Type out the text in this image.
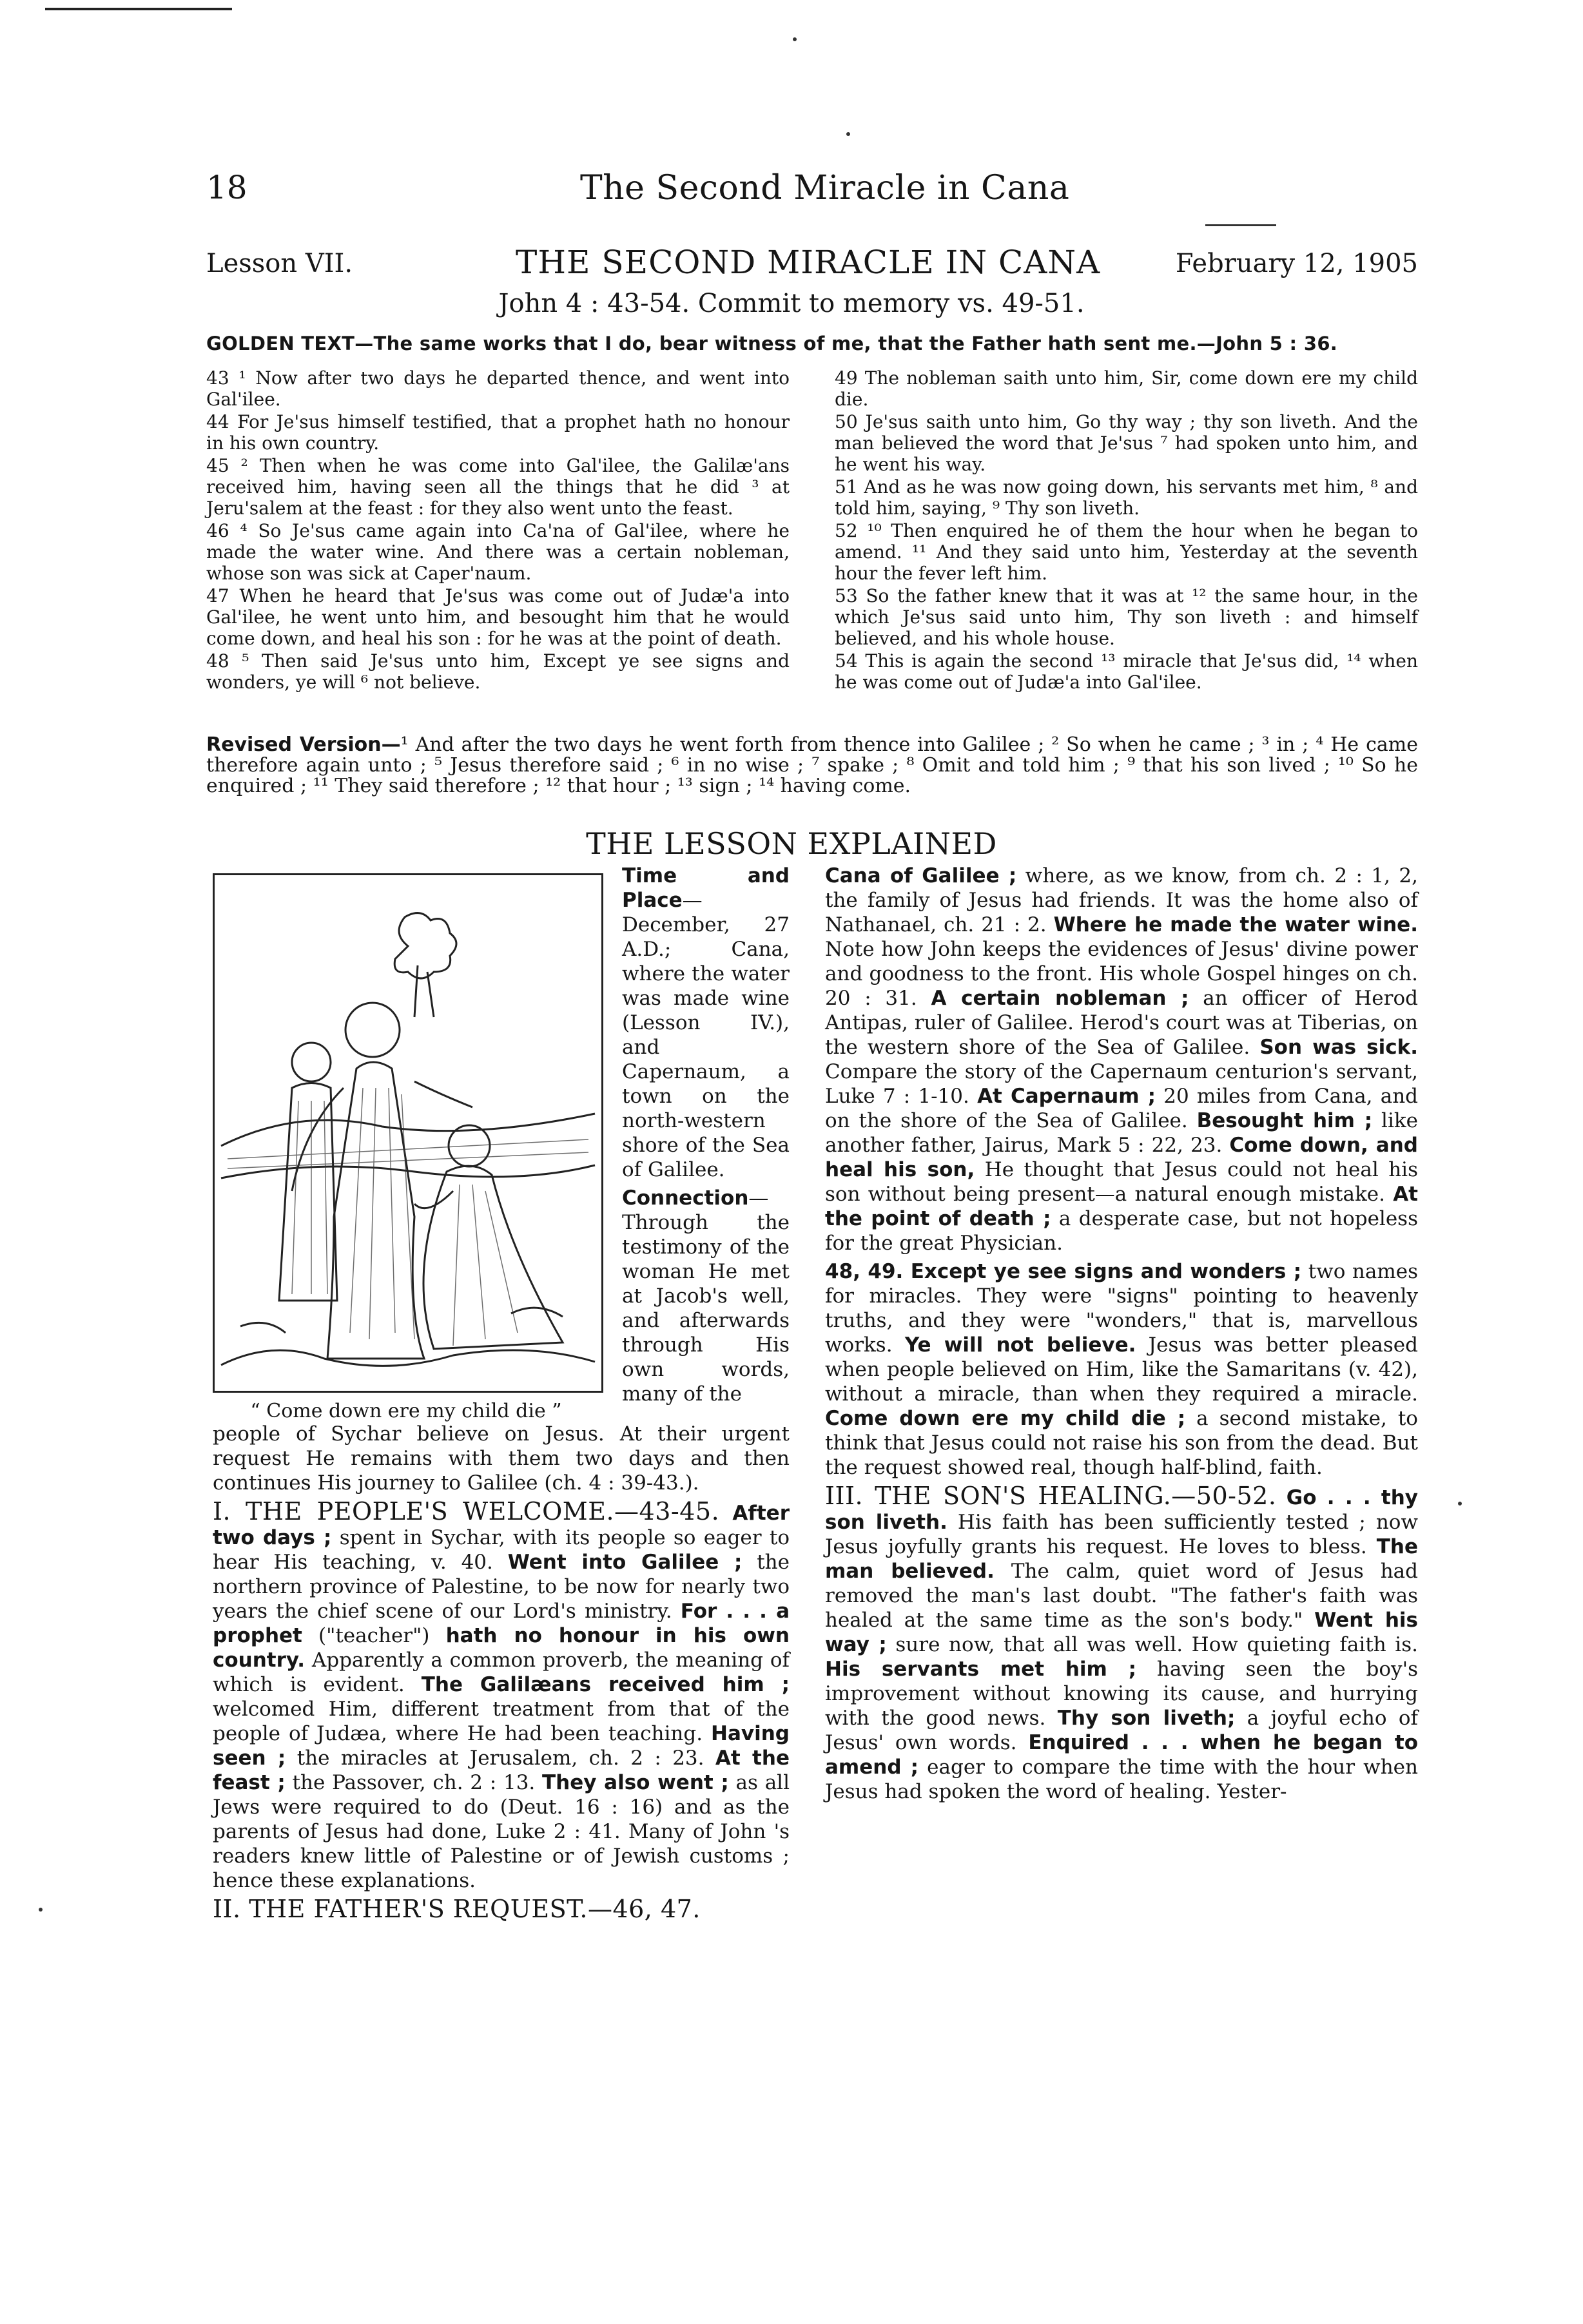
18	The Second Miracle in Cana
Lesson VII.	THE SECOND MIRACLE IN CANA	February 12, 1905
John 4 : 43-54. Commit to memory vs. 49-51.
GOLDEN TEXT—The same works that I do, bear witness of me, that the Father hath sent me.—John 5 : 36.

43 ¹ Now after two days he departed thence, and went into Gal'ilee.

44 For Je'sus himself testified, that a prophet hath no honour in his own country.

45 ² Then when he was come into Gal'ilee, the Galilæ'ans received him, having seen all the things that he did ³ at Jeru'salem at the feast : for they also went unto the feast.

46 ⁴ So Je'sus came again into Ca'na of Gal'ilee, where he made the water wine. And there was a certain nobleman, whose son was sick at Caper'naum.

47 When he heard that Je'sus was come out of Judæ'a into Gal'ilee, he went unto him, and besought him that he would come down, and heal his son : for he was at the point of death.

48 ⁵ Then said Je'sus unto him, Except ye see signs and wonders, ye will ⁶ not believe.

49 The nobleman saith unto him, Sir, come down ere my child die.

50 Je'sus saith unto him, Go thy way ; thy son liveth. And the man believed the word that Je'sus ⁷ had spoken unto him, and he went his way.

51 And as he was now going down, his servants met him, ⁸ and told him, saying, ⁹ Thy son liveth.

52 ¹⁰ Then enquired he of them the hour when he began to amend. ¹¹ And they said unto him, Yesterday at the seventh hour the fever left him.

53 So the father knew that it was at ¹² the same hour, in the which Je'sus said unto him, Thy son liveth : and himself believed, and his whole house.

54 This is again the second ¹³ miracle that Je'sus did, ¹⁴ when he was come out of Judæ'a into Gal'ilee.

Revised Version—¹ And after the two days he went forth from thence into Galilee ; ² So when he came ; ³ in ; ⁴ He came therefore again unto ; ⁵ Jesus therefore said ; ⁶ in no wise ; ⁷ spake ; ⁸ Omit and told him ; ⁹ that his son lived ; ¹⁰ So he enquired ; ¹¹ They said therefore ; ¹² that hour ; ¹³ sign ; ¹⁴ having come.
THE LESSON EXPLAINED
“ Come down ere my child die ”

Time and Place—December, 27 A.D.; Cana, where the water was made wine (Lesson IV.), and Capernaum, a town on the north-western shore of the Sea of Galilee.

Connection—Through the testimony of the woman He met at Jacob's well, and afterwards through His own words, many of the

people of Sychar believe on Jesus. At their urgent request He remains with them two days and then continues His journey to Galilee (ch. 4 : 39-43.).

I. THE PEOPLE'S WELCOME.—43-45. After two days ; spent in Sychar, with its people so eager to hear His teaching, v. 40. Went into Galilee ; the northern province of Palestine, to be now for nearly two years the chief scene of our Lord's ministry. For . . . a prophet ("teacher") hath no honour in his own country. Apparently a common proverb, the meaning of which is evident. The Galilæans received him ; welcomed Him, different treatment from that of the people of Judæa, where He had been teaching. Having seen ; the miracles at Jerusalem, ch. 2 : 23. At the feast ; the Passover, ch. 2 : 13. They also went ; as all Jews were required to do (Deut. 16 : 16) and as the parents of Jesus had done, Luke 2 : 41. Many of John 's readers knew little of Palestine or of Jewish customs ; hence these explanations.

II. THE FATHER'S REQUEST.—46, 47.

Cana of Galilee ; where, as we know, from ch. 2 : 1, 2, the family of Jesus had friends. It was the home also of Nathanael, ch. 21 : 2. Where he made the water wine. Note how John keeps the evidences of Jesus' divine power and goodness to the front. His whole Gospel hinges on ch. 20 : 31. A certain nobleman ; an officer of Herod Antipas, ruler of Galilee. Herod's court was at Tiberias, on the western shore of the Sea of Galilee. Son was sick. Compare the story of the Capernaum centurion's servant, Luke 7 : 1-10. At Capernaum ; 20 miles from Cana, and on the shore of the Sea of Galilee. Besought him ; like another father, Jairus, Mark 5 : 22, 23. Come down, and heal his son, He thought that Jesus could not heal his son without being present—a natural enough mistake. At the point of death ; a desperate case, but not hopeless for the great Physician.

48, 49. Except ye see signs and wonders ; two names for miracles. They were "signs" pointing to heavenly truths, and they were "wonders," that is, marvellous works. Ye will not believe. Jesus was better pleased when people believed on Him, like the Samaritans (v. 42), without a miracle, than when they required a miracle. Come down ere my child die ; a second mistake, to think that Jesus could not raise his son from the dead. But the request showed real, though half-blind, faith.

III. THE SON'S HEALING.—50-52. Go . . . thy son liveth. His faith has been sufficiently tested ; now Jesus joyfully grants his request. He loves to bless. The man believed. The calm, quiet word of Jesus had removed the man's last doubt. "The father's faith was healed at the same time as the son's body." Went his way ; sure now, that all was well. How quieting faith is. His servants met him ; having seen the boy's improvement without knowing its cause, and hurrying with the good news. Thy son liveth; a joyful echo of Jesus' own words. Enquired . . . when he began to amend ; eager to compare the time with the hour when Jesus had spoken the word of healing. Yester-
